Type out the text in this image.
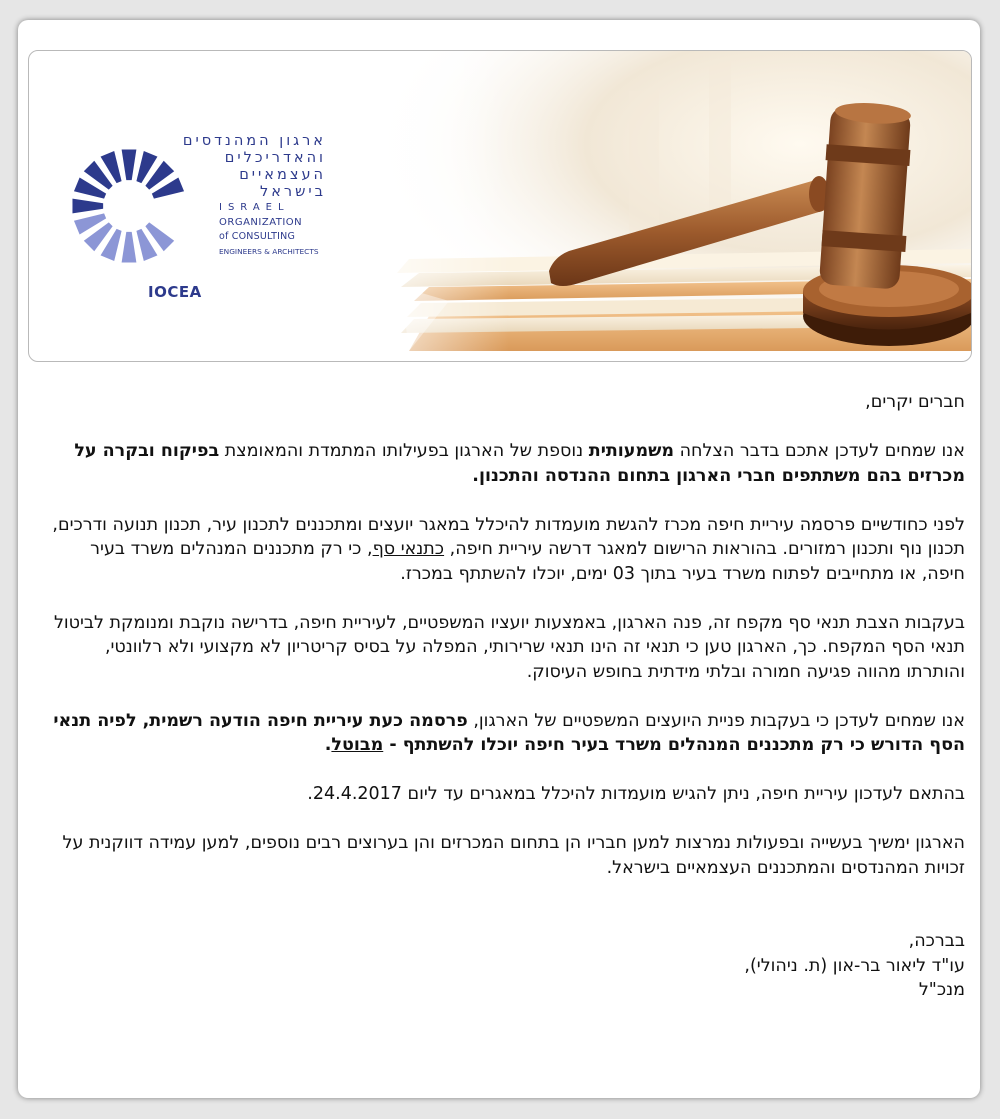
ארגון המהנדסים
והאדריכלים
העצמאיים
בישראל
ISRAEL
ORGANIZATION
of CONSULTING
ENGINEERS & ARCHITECTS
IOCEA

חברים יקרים,

אנו שמחים לעדכן אתכם בדבר הצלחה משמעותית נוספת של הארגון בפעילותו המתמדת והמאומצת בפיקוח ובקרה על מכרזים בהם משתתפים חברי הארגון בתחום ההנדסה והתכנון.

לפני כחודשיים פרסמה עיריית חיפה מכרז להגשת מועמדות להיכלל במאגר יועצים ומתכננים לתכנון עיר, תכנון תנועה ודרכים, תכנון נוף ותכנון רמזורים. בהוראות הרישום למאגר דרשה עיריית חיפה, כתנאי סף, כי רק מתכננים המנהלים משרד בעיר חיפה, או מתחייבים לפתוח משרד בעיר בתוך 03 ימים, יוכלו להשתתף במכרז.

בעקבות הצבת תנאי סף מקפח זה, פנה הארגון, באמצעות יועציו המשפטיים, לעיריית חיפה, בדרישה נוקבת ומנומקת לביטול תנאי הסף המקפח. כך, הארגון טען כי תנאי זה הינו תנאי שרירותי, המפלה על בסיס קריטריון לא מקצועי ולא רלוונטי, והותרתו מהווה פגיעה חמורה ובלתי מידתית בחופש העיסוק.

אנו שמחים לעדכן כי בעקבות פניית היועצים המשפטיים של הארגון, פרסמה כעת עיריית חיפה הודעה רשמית, לפיה תנאי הסף הדורש כי רק מתכננים המנהלים משרד בעיר חיפה יוכלו להשתתף - מבוטל.

בהתאם לעדכון עיריית חיפה, ניתן להגיש מועמדות להיכלל במאגרים עד ליום 24.4.2017.

הארגון ימשיך בעשייה ובפעולות נמרצות למען חבריו הן בתחום המכרזים והן בערוצים רבים נוספים, למען עמידה דווקנית על זכויות המהנדסים והמתכננים העצמאיים בישראל.

בברכה,
עו"ד ליאור בר-און (ת. ניהולי),
מנכ"ל
